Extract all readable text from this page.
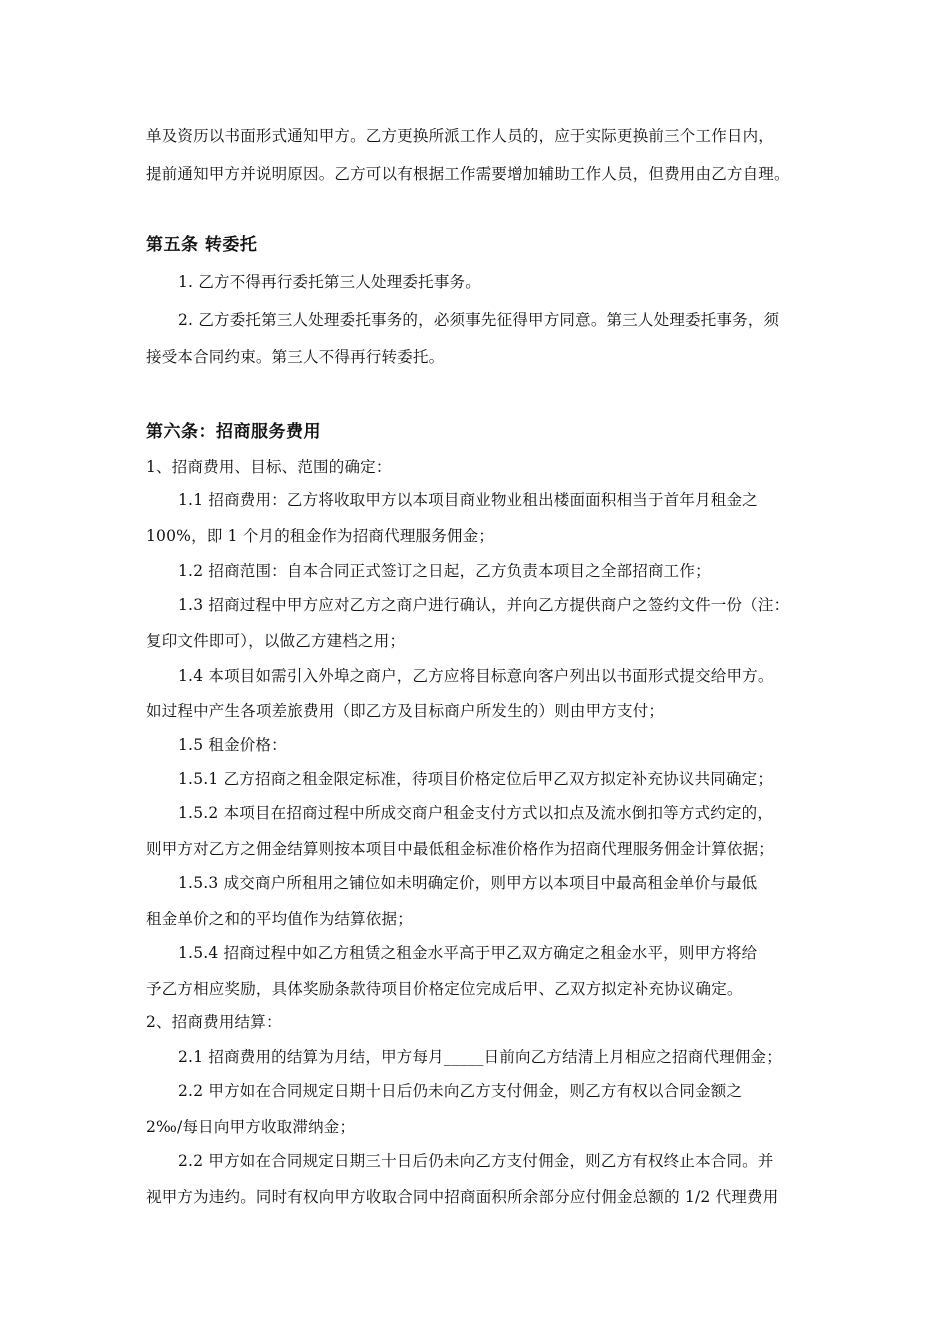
单及资历以书面形式通知甲方。乙方更换所派工作人员的，应于实际更换前三个工作日内，
提前通知甲方并说明原因。乙方可以有根据工作需要增加辅助工作人员，但费用由乙方自理。
第五条 转委托
1. 乙方不得再行委托第三人处理委托事务。
2. 乙方委托第三人处理委托事务的，必须事先征得甲方同意。第三人处理委托事务，须
接受本合同约束。第三人不得再行转委托。
第六条：招商服务费用
1、招商费用、目标、范围的确定：
1.1 招商费用：乙方将收取甲方以本项目商业物业租出楼面面积相当于首年月租金之
100%，即 1 个月的租金作为招商代理服务佣金；
1.2 招商范围：自本合同正式签订之日起，乙方负责本项目之全部招商工作；
1.3 招商过程中甲方应对乙方之商户进行确认，并向乙方提供商户之签约文件一份（注：
复印文件即可），以做乙方建档之用；
1.4 本项目如需引入外埠之商户，乙方应将目标意向客户列出以书面形式提交给甲方。
如过程中产生各项差旅费用（即乙方及目标商户所发生的）则由甲方支付；
1.5 租金价格：
1.5.1 乙方招商之租金限定标准，待项目价格定位后甲乙双方拟定补充协议共同确定；
1.5.2 本项目在招商过程中所成交商户租金支付方式以扣点及流水倒扣等方式约定的，
则甲方对乙方之佣金结算则按本项目中最低租金标准价格作为招商代理服务佣金计算依据；
1.5.3 成交商户所租用之铺位如未明确定价，则甲方以本项目中最高租金单价与最低
租金单价之和的平均值作为结算依据；
1.5.4 招商过程中如乙方租赁之租金水平高于甲乙双方确定之租金水平，则甲方将给
予乙方相应奖励，具体奖励条款待项目价格定位完成后甲、乙双方拟定补充协议确定。
2、招商费用结算：
2.1 招商费用的结算为月结，甲方每月_____日前向乙方结清上月相应之招商代理佣金；
2.2 甲方如在合同规定日期十日后仍未向乙方支付佣金，则乙方有权以合同金额之
2‰/每日向甲方收取滞纳金；
2.2 甲方如在合同规定日期三十日后仍未向乙方支付佣金，则乙方有权终止本合同。并
视甲方为违约。同时有权向甲方收取合同中招商面积所余部分应付佣金总额的 1/2 代理费用
